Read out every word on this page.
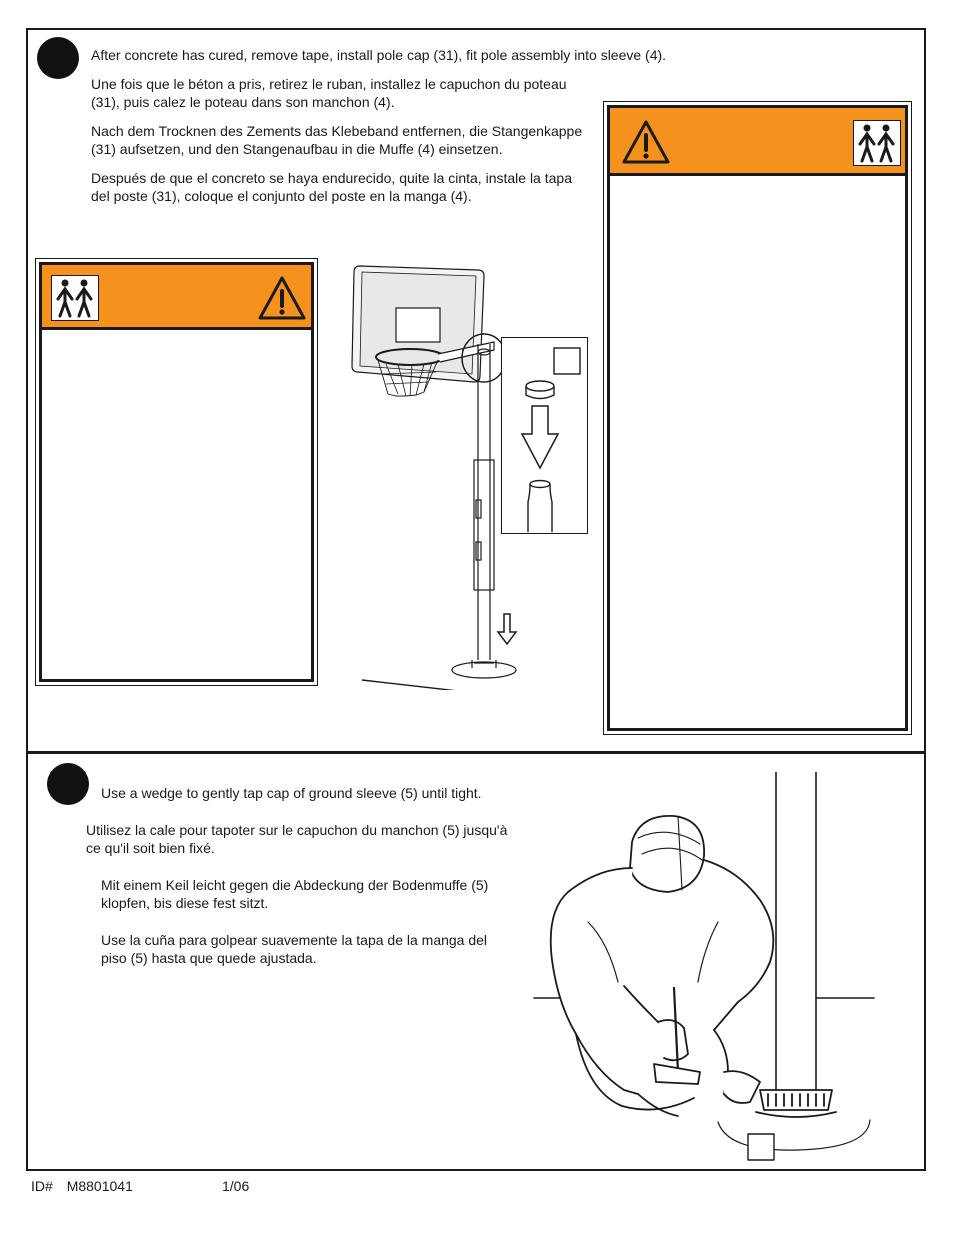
After concrete has cured, remove tape, install pole cap (31), fit pole assembly into sleeve (4).

Une fois que le béton a pris, retirez le ruban, installez le capuchon du poteau (31), puis calez le poteau dans son manchon (4).

Nach dem Trocknen des Zements das Klebeband entfernen, die Stangenkappe (31) aufsetzen, und den Stangenaufbau in die Muffe (4) einsetzen.

Después de que el concreto se haya endurecido, quite la cinta, instale la tapa del poste (31), coloque el conjunto del poste en la manga (4).

Use a wedge to gently tap cap of ground sleeve (5) until tight.

Utilisez la cale pour tapoter sur le capuchon du manchon (5) jusqu'à ce qu'il soit bien fixé.

Mit einem Keil leicht gegen die Abdeckung der Bodenmuffe (5) klopfen, bis diese fest sitzt.

Use la cuña para golpear suavemente la tapa de la manga del piso (5) hasta que quede ajustada.

ID# M8801041	1/06
